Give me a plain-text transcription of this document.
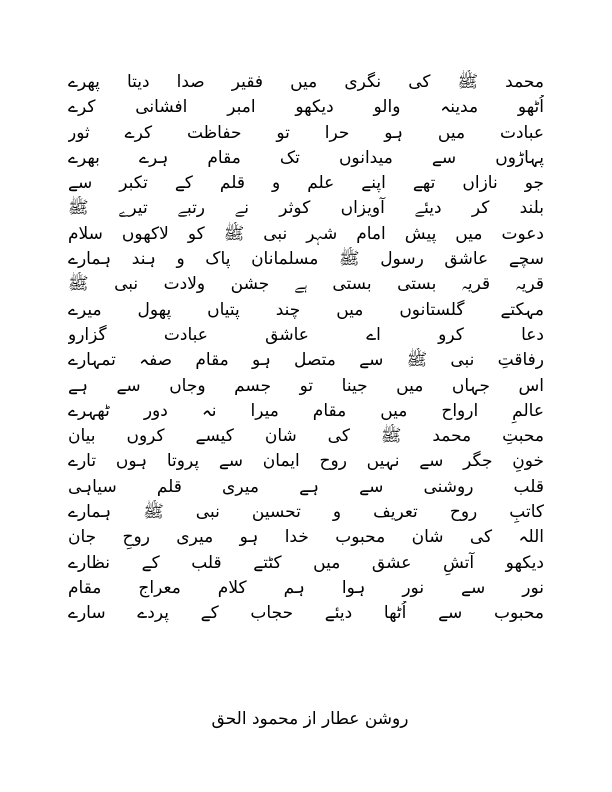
محمد ﷺ کی نگری میں فقیر صدا دیتا پھرے
اُٹھو مدینہ والو دیکھو امبر افشانی کرے
عبادت میں ہو حرا تو حفاظت کرے ثور
پہاڑوں سے میدانوں تک مقام ہرے بھرے
جو نازاں تھے اپنے علم و قلم کے تکبر سے
بلند کر دیئے آویزاں کوثر نے رتبے تیرے ﷺ
دعوت میں پیش امام شہر نبی ﷺ کو لاکھوں سلام
سچے عاشق رسول ﷺ مسلمانان پاک و ہند ہمارے
قریہ قریہ بستی بستی ہے جشن ولادت نبی ﷺ
مہکتے گلستانوں میں چند پتیاں پھول میرے
دعا کرو اے عاشق عبادت گزارو
رفاقتِ نبی ﷺ سے متصل ہو مقام صفہ تمہارے
اس جہاں میں جینا تو جسم وجاں سے ہے
عالمِ ارواح میں مقام میرا نہ دور ٹھہرے
محبتِ محمد ﷺ کی شان کیسے کروں بیان
خونِ جگر سے نہیں روح ایمان سے پروتا ہوں تارے
قلب روشنی سے ہے میری قلم سیاہی
کاتبِ روح تعریف و تحسین نبی ﷺ ہمارے
اللہ کی شان محبوب خدا ہو میری روحِ جان
دیکھو آتشِ عشق میں کٹتے قلب کے نظارے
نور سے نور ہوا ہم کلام معراج مقام
محبوب سے اُٹھا دیئے حجاب کے پردے سارے
روشن عطار از محمود الحق
